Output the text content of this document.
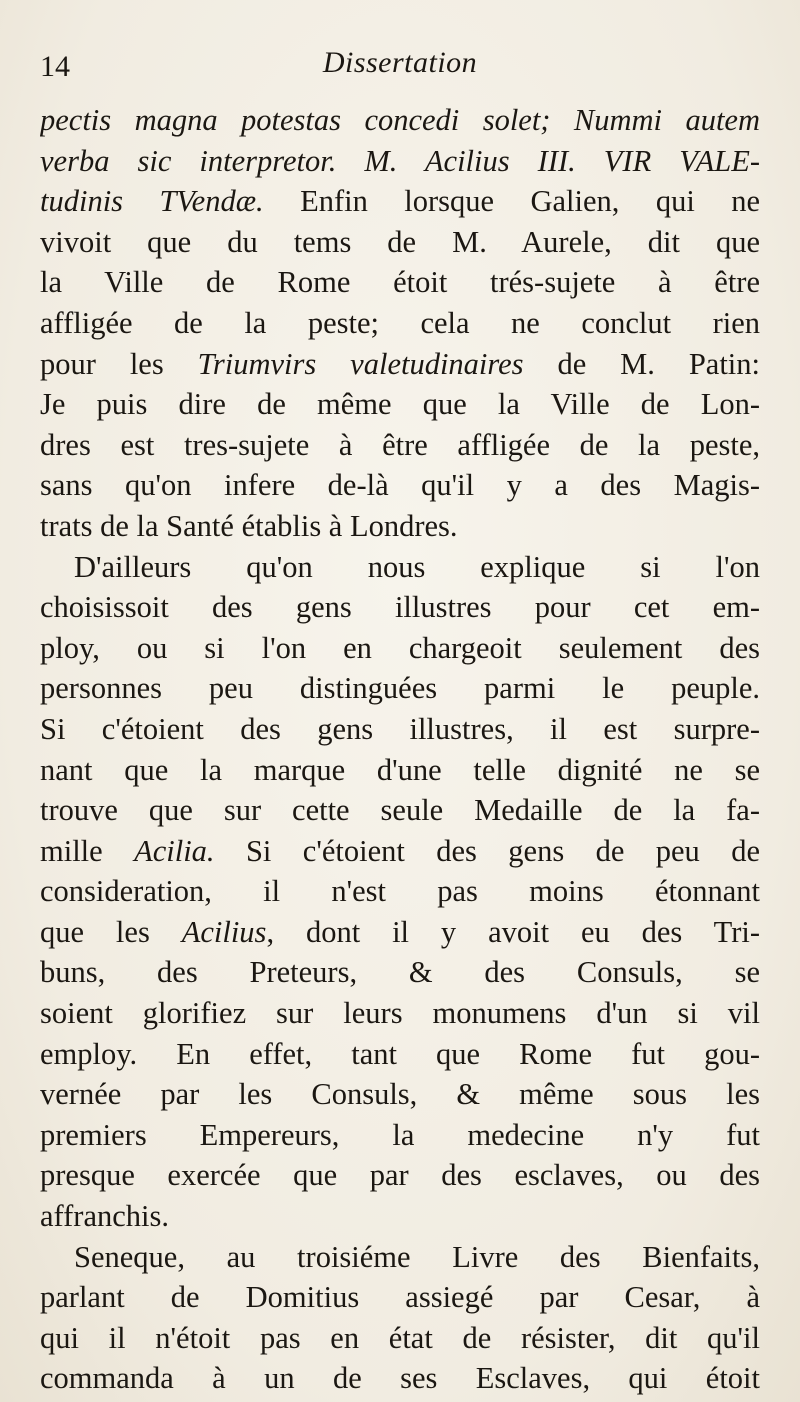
14	Dissertation
pectis magna potestas concedi solet; Nummi autem
verba sic interpretor. M. Acilius III. VIR VALE-
tudinis TVendæ. Enfin lorsque Galien, qui ne
vivoit que du tems de M. Aurele, dit que
la Ville de Rome étoit trés-sujete à être
affligée de la peste; cela ne conclut rien
pour les Triumvirs valetudinaires de M. Patin:
Je puis dire de même que la Ville de Lon-
dres est tres-sujete à être affligée de la peste,
sans qu'on infere de-là qu'il y a des Magis-
trats de la Santé établis à Londres.
D'ailleurs qu'on nous explique si l'on
choisissoit des gens illustres pour cet em-
ploy, ou si l'on en chargeoit seulement des
personnes peu distinguées parmi le peuple.
Si c'étoient des gens illustres, il est surpre-
nant que la marque d'une telle dignité ne se
trouve que sur cette seule Medaille de la fa-
mille Acilia. Si c'étoient des gens de peu de
consideration, il n'est pas moins étonnant
que les Acilius, dont il y avoit eu des Tri-
buns, des Preteurs, & des Consuls, se
soient glorifiez sur leurs monumens d'un si vil
employ. En effet, tant que Rome fut gou-
vernée par les Consuls, & même sous les
premiers Empereurs, la medecine n'y fut
presque exercée que par des esclaves, ou des
affranchis.
Seneque, au troisiéme Livre des Bienfaits,
parlant de Domitius assiegé par Cesar, à
qui il n'étoit pas en état de résister, dit qu'il
commanda à un de ses Esclaves, qui étoit
